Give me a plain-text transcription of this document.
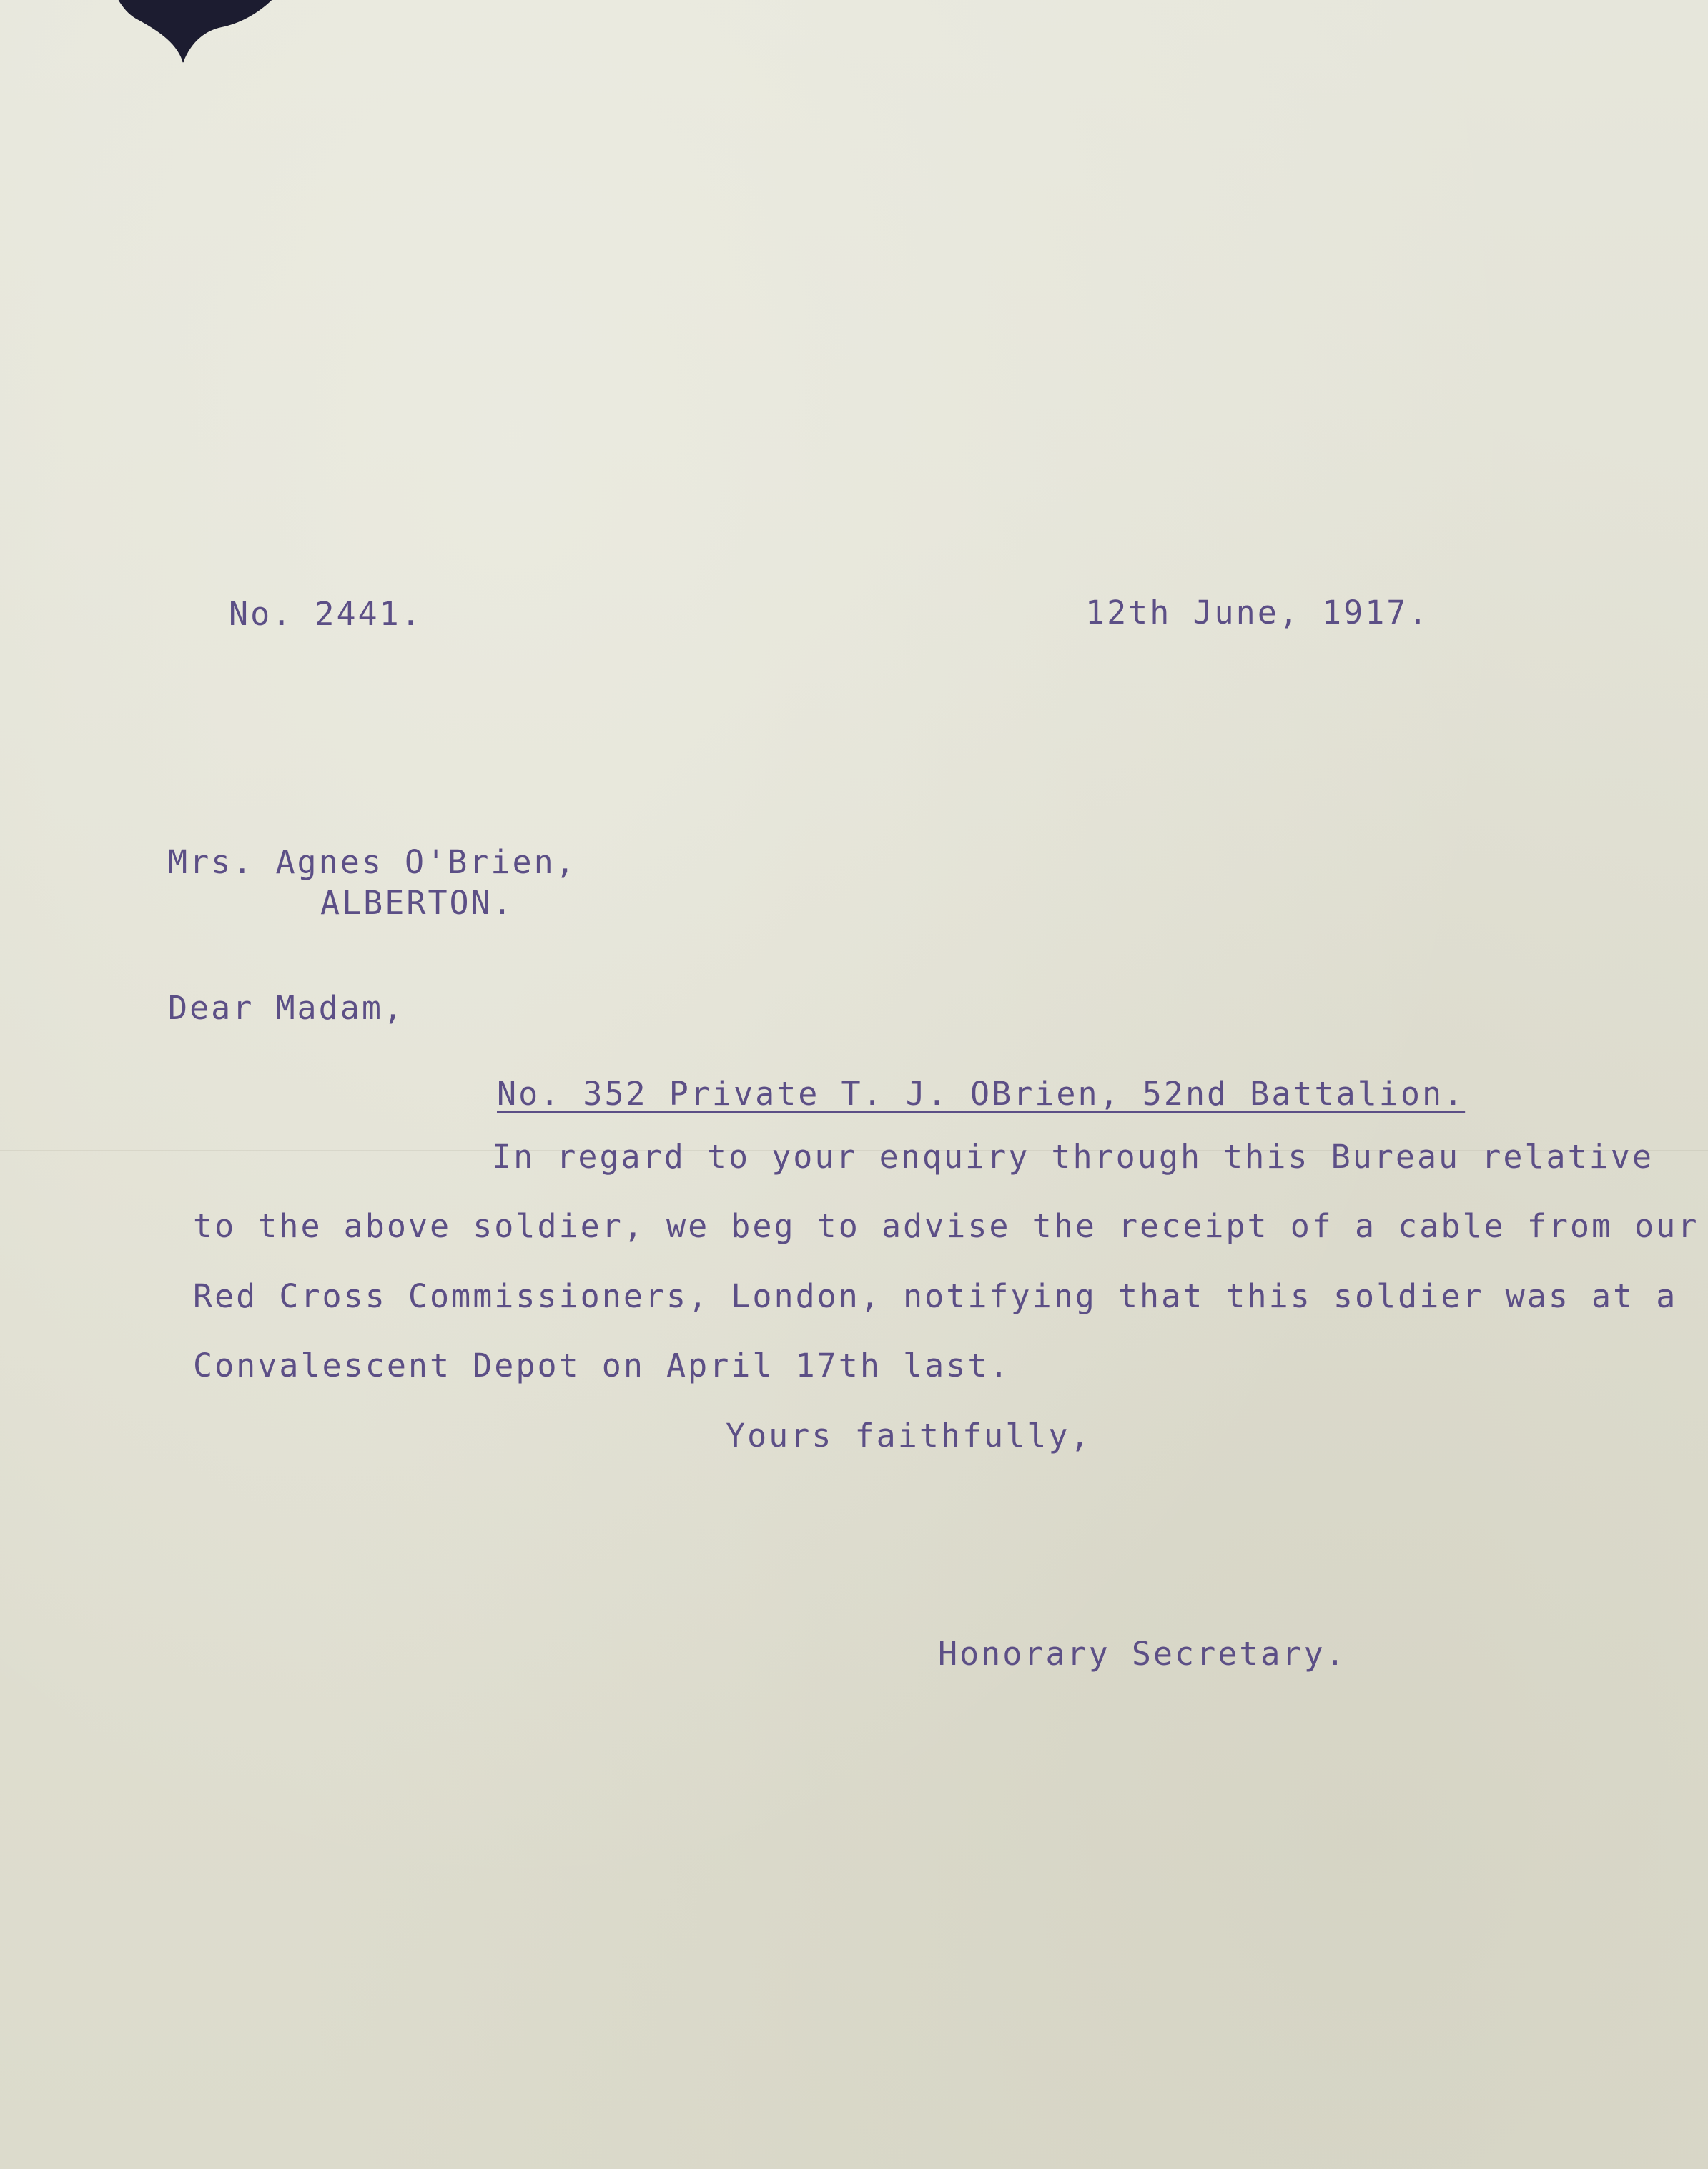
No. 2441.	12th June, 1917.
Mrs. Agnes O'Brien,
ALBERTON.
Dear Madam,
No. 352 Private T. J. OBrien, 52nd Battalion.
In regard to your enquiry through this Bureau relative
to the above soldier, we beg to advise the receipt of a cable from our
Red Cross Commissioners, London, notifying that this soldier was at a
Convalescent Depot on April 17th last.
Yours faithfully,
Honorary Secretary.
